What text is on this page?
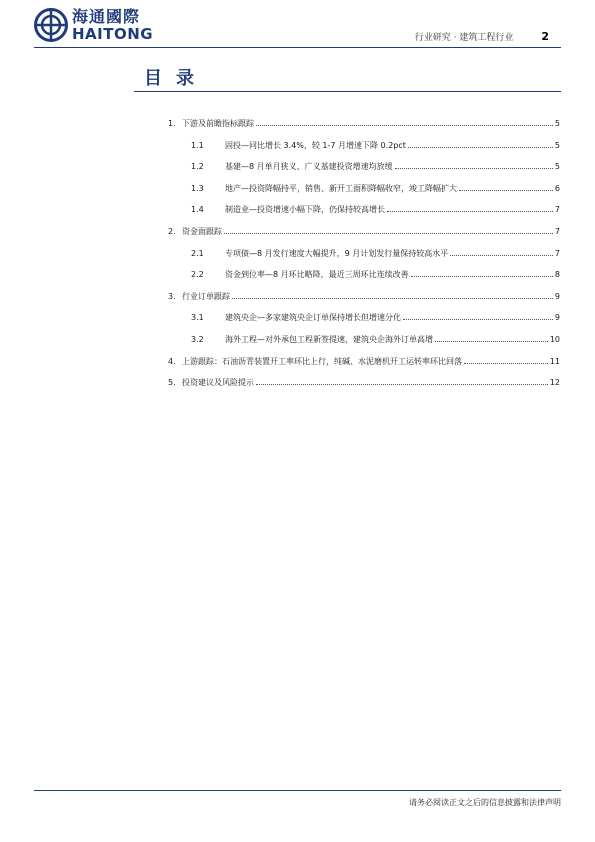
海通國際
HAITONG	行业研究 · 建筑工程行业	2
目录
1. 下游及前瞻指标跟踪	5
1.1	固投—同比增长 3.4%，较 1-7 月增速下降 0.2pct	5
1.2	基建—8 月单月狭义、广义基建投资增速均放缓	5
1.3	地产—投资降幅持平，销售、新开工面积降幅收窄，竣工降幅扩大	6
1.4	制造业—投资增速小幅下降，仍保持较高增长	7
2. 资金面跟踪	7
2.1	专项债—8 月发行速度大幅提升，9 月计划发行量保持较高水平	7
2.2	资金到位率—8 月环比略降，最近三周环比连续改善	8
3. 行业订单跟踪	9
3.1	建筑央企—多家建筑央企订单保持增长但增速分化	9
3.2	海外工程—对外承包工程新签提速，建筑央企海外订单高增	10
4. 上游跟踪：石油沥青装置开工率环比上行，纯碱、水泥磨机开工运转率环比回落	11
5. 投资建议及风险提示	12
请务必阅读正文之后的信息披露和法律声明
